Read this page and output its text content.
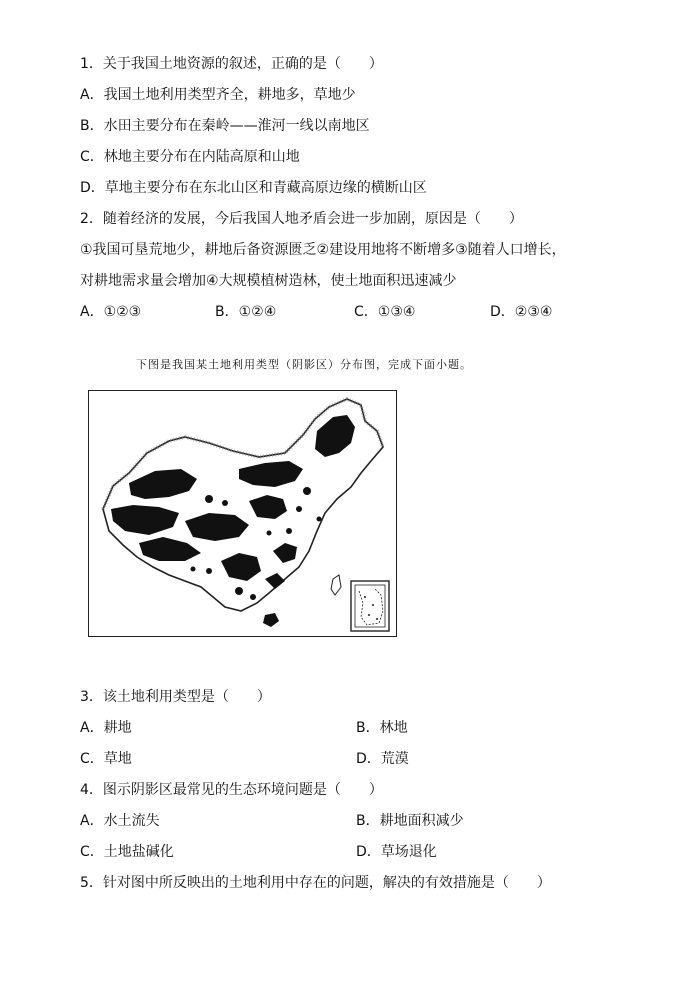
1．关于我国土地资源的叙述，正确的是（　　）
A．我国土地利用类型齐全，耕地多，草地少
B．水田主要分布在秦岭——淮河一线以南地区
C．林地主要分布在内陆高原和山地
D．草地主要分布在东北山区和青藏高原边缘的横断山区
2．随着经济的发展，今后我国人地矛盾会进一步加剧，原因是（　　）
①我国可垦荒地少，耕地后备资源匮乏②建设用地将不断增多③随着人口增长，
对耕地需求量会增加④大规模植树造林，使土地面积迅速减少
A．①②③	B．①②④	C．①③④	D．②③④
下图是我国某土地利用类型（阴影区）分布图，完成下面小题。
3．该土地利用类型是（　　）
A．耕地	B．林地
C．草地	D．荒漠
4．图示阴影区最常见的生态环境问题是（　　）
A．水土流失	B．耕地面积减少
C．土地盐碱化	D．草场退化
5．针对图中所反映出的土地利用中存在的问题，解决的有效措施是（　　）
